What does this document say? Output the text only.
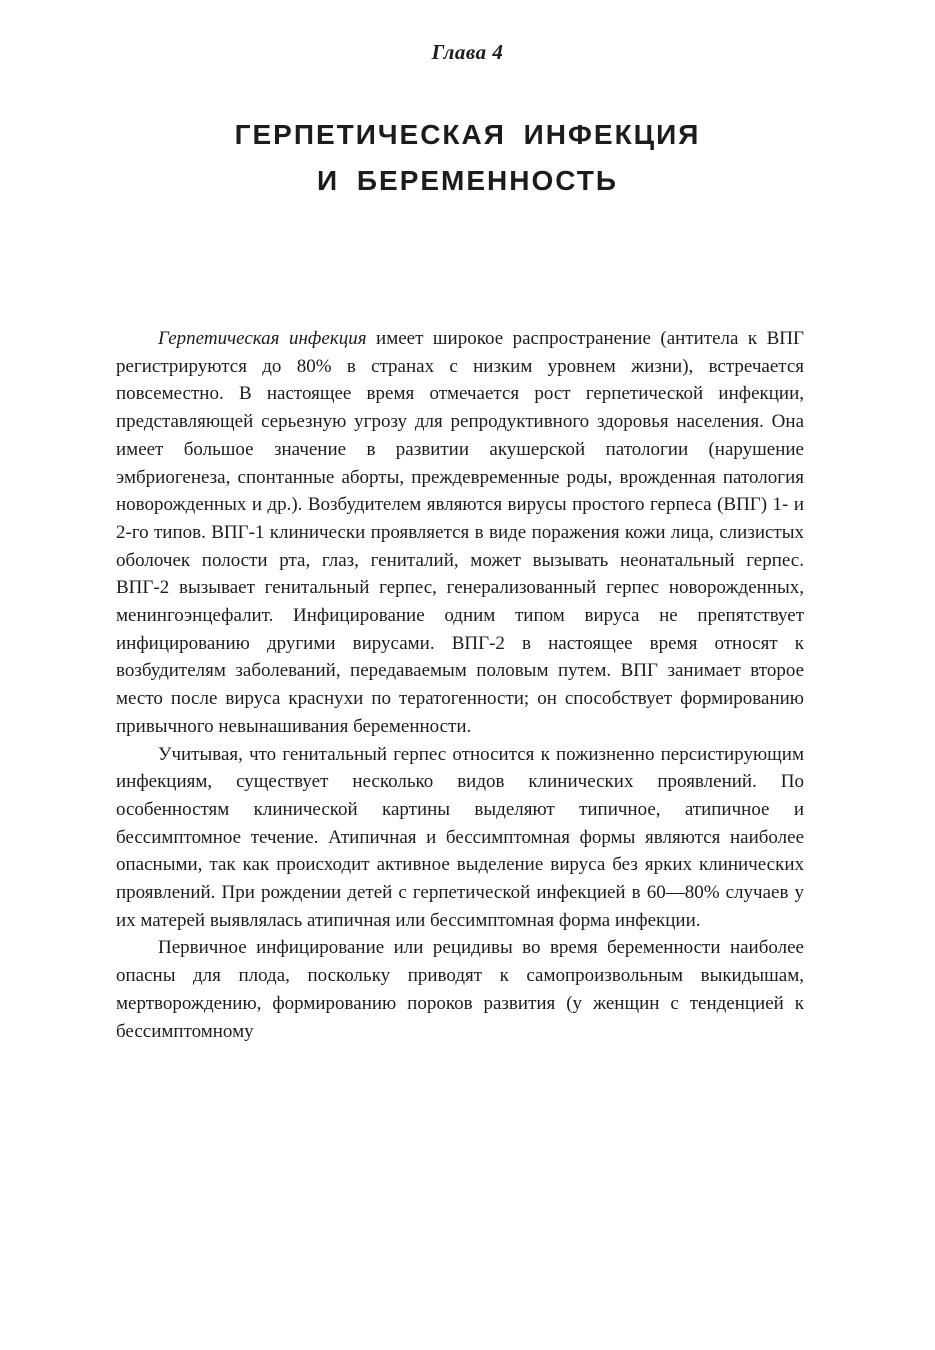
Глава 4
ГЕРПЕТИЧЕСКАЯ ИНФЕКЦИЯ
И БЕРЕМЕННОСТЬ

Герпетическая инфекция имеет широкое распространение (антитела к ВПГ регистрируются до 80% в странах с низким уровнем жизни), встречается повсеместно. В настоящее время отмечается рост герпетической инфекции, представляющей серьезную угрозу для репродуктивного здоровья населения. Она имеет большое значение в развитии акушерской патологии (нарушение эмбриогенеза, спонтанные аборты, преждевременные роды, врожденная патология новорожденных и др.). Возбудителем являются вирусы простого герпеса (ВПГ) 1- и 2-го типов. ВПГ-1 клинически проявляется в виде поражения кожи лица, слизистых оболочек полости рта, глаз, гениталий, может вызывать неонатальный герпес. ВПГ-2 вызывает генитальный герпес, генерализованный герпес новорожденных, менингоэнцефалит. Инфицирование одним типом вируса не препятствует инфицированию другими вирусами. ВПГ-2 в настоящее время относят к возбудителям заболеваний, передаваемым половым путем. ВПГ занимает второе место после вируса краснухи по тератогенности; он способствует формированию привычного невынашивания беременности.

Учитывая, что генитальный герпес относится к пожизненно персистирующим инфекциям, существует несколько видов клинических проявлений. По особенностям клинической картины выделяют типичное, атипичное и бессимптомное течение. Атипичная и бессимптомная формы являются наиболее опасными, так как происходит активное выделение вируса без ярких клинических проявлений. При рождении детей с герпетической инфекцией в 60—80% случаев у их матерей выявлялась атипичная или бессимптомная форма инфекции.

Первичное инфицирование или рецидивы во время беременности наиболее опасны для плода, поскольку приводят к самопроизвольным выкидышам, мертворождению, формированию пороков развития (у женщин с тенденцией к бессимптомному
